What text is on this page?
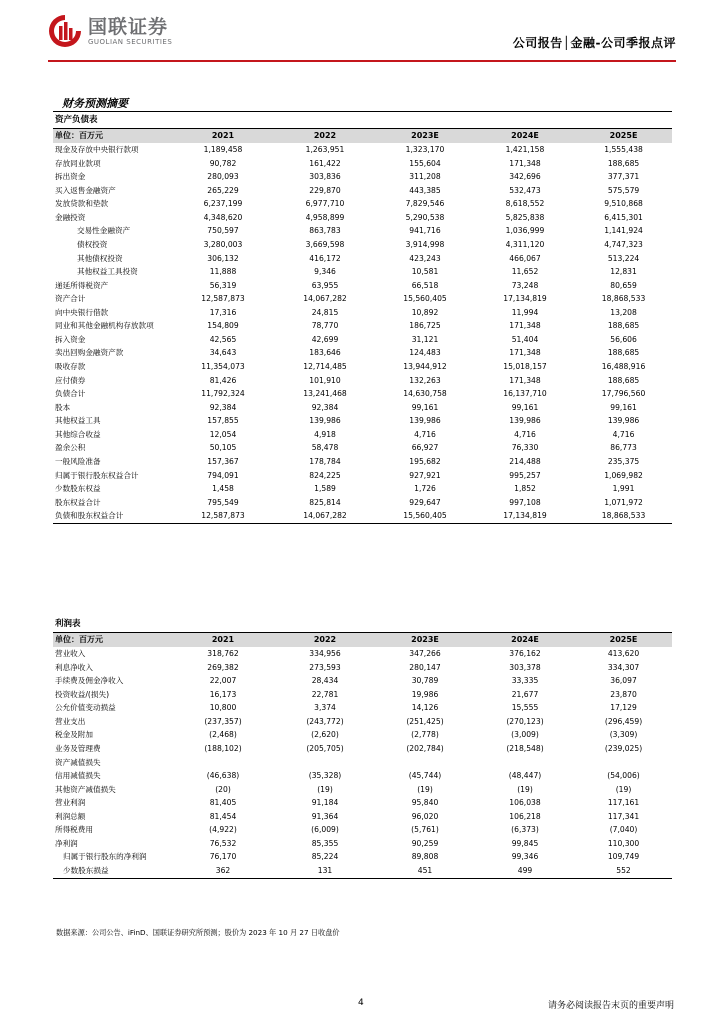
国联证券
GUOLIAN SECURITIES	公司报告│金融-公司季报点评
财务预测摘要
资产负债表					
单位：百万元	2021	2022	2023E	2024E	2025E
现金及存放中央银行款项	1,189,458	1,263,951	1,323,170	1,421,158	1,555,438
存放同业款项	90,782	161,422	155,604	171,348	188,685
拆出资金	280,093	303,836	311,208	342,696	377,371
买入返售金融资产	265,229	229,870	443,385	532,473	575,579
发放贷款和垫款	6,237,199	6,977,710	7,829,546	8,618,552	9,510,868
金融投资	4,348,620	4,958,899	5,290,538	5,825,838	6,415,301
交易性金融资产	750,597	863,783	941,716	1,036,999	1,141,924
债权投资	3,280,003	3,669,598	3,914,998	4,311,120	4,747,323
其他债权投资	306,132	416,172	423,243	466,067	513,224
其他权益工具投资	11,888	9,346	10,581	11,652	12,831
递延所得税资产	56,319	63,955	66,518	73,248	80,659
资产合计	12,587,873	14,067,282	15,560,405	17,134,819	18,868,533
向中央银行借款	17,316	24,815	10,892	11,994	13,208
同业和其他金融机构存放款项	154,809	78,770	186,725	171,348	188,685
拆入资金	42,565	42,699	31,121	51,404	56,606
卖出回购金融资产款	34,643	183,646	124,483	171,348	188,685
吸收存款	11,354,073	12,714,485	13,944,912	15,018,157	16,488,916
应付债券	81,426	101,910	132,263	171,348	188,685
负债合计	11,792,324	13,241,468	14,630,758	16,137,710	17,796,560
股本	92,384	92,384	99,161	99,161	99,161
其他权益工具	157,855	139,986	139,986	139,986	139,986
其他综合收益	12,054	4,918	4,716	4,716	4,716
盈余公积	50,105	58,478	66,927	76,330	86,773
一般风险准备	157,367	178,784	195,682	214,488	235,375
归属于银行股东权益合计	794,091	824,225	927,921	995,257	1,069,982
少数股东权益	1,458	1,589	1,726	1,852	1,991
股东权益合计	795,549	825,814	929,647	997,108	1,071,972
负债和股东权益合计	12,587,873	14,067,282	15,560,405	17,134,819	18,868,533
利润表					
单位：百万元	2021	2022	2023E	2024E	2025E
营业收入	318,762	334,956	347,266	376,162	413,620
利息净收入	269,382	273,593	280,147	303,378	334,307
手续费及佣金净收入	22,007	28,434	30,789	33,335	36,097
投资收益/(损失)	16,173	22,781	19,986	21,677	23,870
公允价值变动损益	10,800	3,374	14,126	15,555	17,129
营业支出	(237,357)	(243,772)	(251,425)	(270,123)	(296,459)
税金及附加	(2,468)	(2,620)	(2,778)	(3,009)	(3,309)
业务及管理费	(188,102)	(205,705)	(202,784)	(218,548)	(239,025)
资产减值损失					
信用减值损失	(46,638)	(35,328)	(45,744)	(48,447)	(54,006)
其他资产减值损失	(20)	(19)	(19)	(19)	(19)
营业利润	81,405	91,184	95,840	106,038	117,161
利润总额	81,454	91,364	96,020	106,218	117,341
所得税费用	(4,922)	(6,009)	(5,761)	(6,373)	(7,040)
净利润	76,532	85,355	90,259	99,845	110,300
归属于银行股东的净利润	76,170	85,224	89,808	99,346	109,749
少数股东损益	362	131	451	499	552
数据来源：公司公告、iFinD、国联证券研究所预测；股价为 2023 年 10 月 27 日收盘价
4	请务必阅读报告末页的重要声明
